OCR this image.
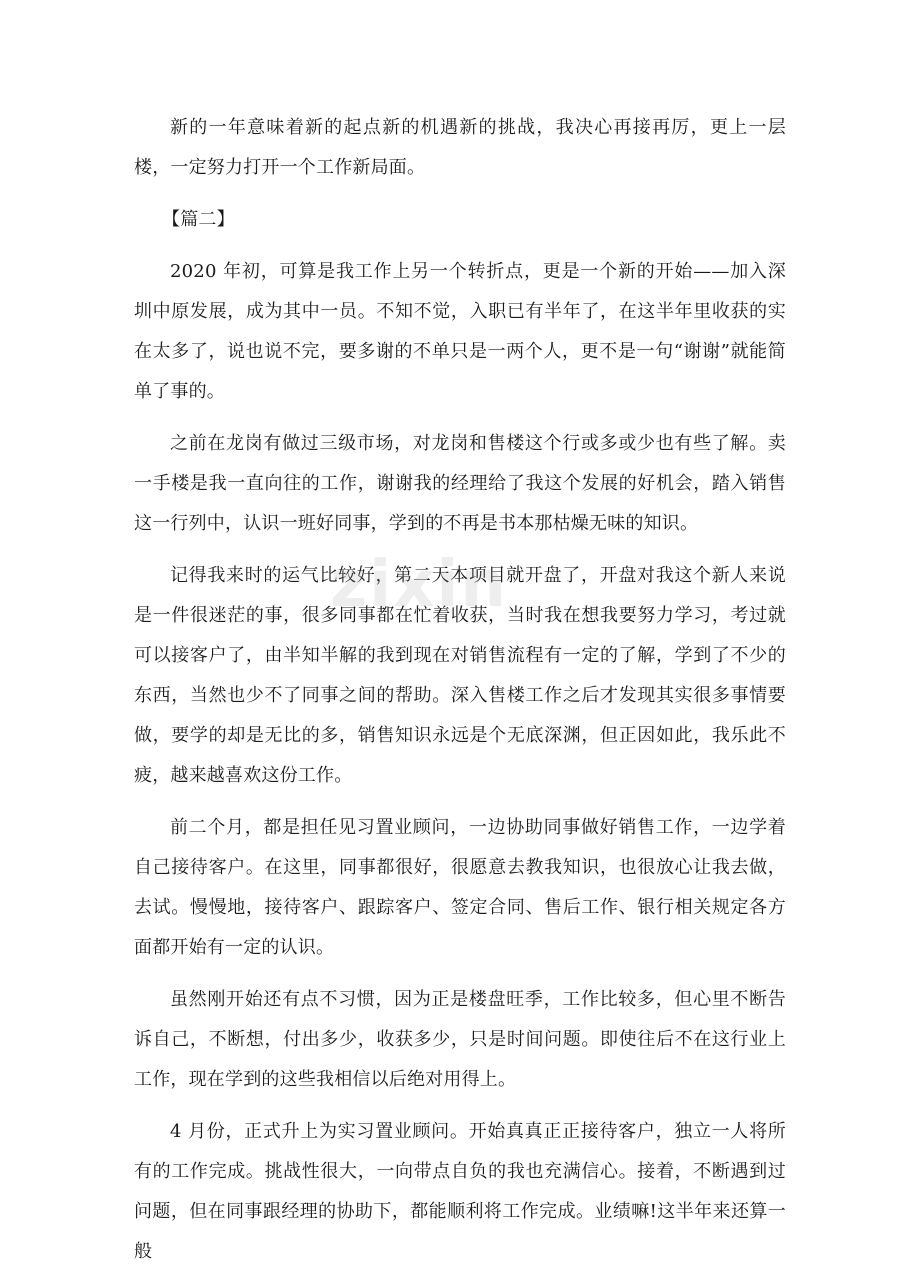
新的一年意味着新的起点新的机遇新的挑战，我决心再接再厉，更上一层楼，一定努力打开一个工作新局面。

【篇二】

2020 年初，可算是我工作上另一个转折点，更是一个新的开始——加入深圳中原发展，成为其中一员。不知不觉，入职已有半年了，在这半年里收获的实在太多了，说也说不完，要多谢的不单只是一两个人，更不是一句“谢谢”就能简单了事的。

之前在龙岗有做过三级市场，对龙岗和售楼这个行或多或少也有些了解。卖一手楼是我一直向往的工作，谢谢我的经理给了我这个发展的好机会，踏入销售这一行列中，认识一班好同事，学到的不再是书本那枯燥无味的知识。

记得我来时的运气比较好，第二天本项目就开盘了，开盘对我这个新人来说是一件很迷茫的事，很多同事都在忙着收获，当时我在想我要努力学习，考过就可以接客户了，由半知半解的我到现在对销售流程有一定的了解，学到了不少的东西，当然也少不了同事之间的帮助。深入售楼工作之后才发现其实很多事情要做，要学的却是无比的多，销售知识永远是个无底深渊，但正因如此，我乐此不疲，越来越喜欢这份工作。

前二个月，都是担任见习置业顾问，一边协助同事做好销售工作，一边学着自己接待客户。在这里，同事都很好，很愿意去教我知识，也很放心让我去做，去试。慢慢地，接待客户、跟踪客户、签定合同、售后工作、银行相关规定各方面都开始有一定的认识。

虽然刚开始还有点不习惯，因为正是楼盘旺季，工作比较多，但心里不断告诉自己，不断想，付出多少，收获多少，只是时间问题。即使往后不在这行业上工作，现在学到的这些我相信以后绝对用得上。

4 月份，正式升上为实习置业顾问。开始真真正正接待客户，独立一人将所有的工作完成。挑战性很大，一向带点自负的我也充满信心。接着，不断遇到过问题，但在同事跟经理的协助下，都能顺利将工作完成。业绩嘛!这半年来还算一般

zixin
